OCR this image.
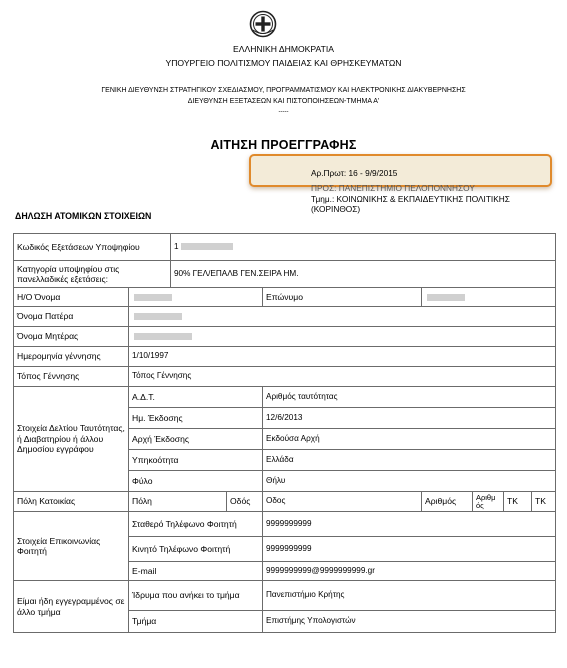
ΕΛΛΗΝΙΚΗ ΔΗΜΟΚΡΑΤΙΑ
ΥΠΟΥΡΓΕΙΟ ΠΟΛΙΤΙΣΜΟΥ ΠΑΙΔΕΙΑΣ ΚΑΙ ΘΡΗΣΚΕΥΜΑΤΩΝ
ΓΕΝΙΚΗ ΔΙΕΥΘΥΝΣΗ ΣΤΡΑΤΗΓΙΚΟΥ ΣΧΕΔΙΑΣΜΟΥ, ΠΡΟΓΡΑΜΜΑΤΙΣΜΟΥ ΚΑΙ ΗΛΕΚΤΡΟΝΙΚΗΣ ΔΙΑΚΥΒΕΡΝΗΣΗΣ
ΔΙΕΥΘΥΝΣΗ ΕΞΕΤΑΣΕΩΝ ΚΑΙ ΠΙΣΤΟΠΟΙΗΣΕΩΝ-ΤΜΗΜΑ Α'
-----
ΑΙΤΗΣΗ ΠΡΟΕΓΓΡΑΦΗΣ
Αρ.Πρωτ: 16 - 9/9/2015
ΠΡΟΣ: ΠΑΝΕΠΙΣΤΗΜΙΟ ΠΕΛΟΠΟΝΝΗΣΟΥ
Τμημ.: ΚΟΙΝΩΝΙΚΗΣ & ΕΚΠΑΙΔΕΥΤΙΚΗΣ ΠΟΛΙΤΙΚΗΣ
(ΚΟΡΙΝΘΟΣ)
ΔΗΛΩΣΗ ΑΤΟΜΙΚΩΝ ΣΤΟΙΧΕΙΩΝ
Κωδικός Εξετάσεων Υποψηφίου		1						
Κατηγορία υποψηφίου στις πανελλαδικές εξετάσεις:		90% ΓΕΛ/ΕΠΑΛΒ ΓΕΝ.ΣΕΙΡΑ ΗΜ.						
Η/Ο Όνομα				Επώνυμο				
Όνομα Πατέρα								
Όνομα Μητέρας								
Ημερομηνία γέννησης	1/10/1997							
Τόπος Γέννησης	Τόπος Γέννησης							
Στοιχεία Δελτίου Ταυτότητας, ή Διαβατηρίου ή άλλου Δημοσίου εγγράφου	Α.Δ.Τ.			Αριθμός ταυτότητας				
	Ημ. Έκδοσης			12/6/2013				
	Αρχή Έκδοσης			Εκδούσα Αρχή				
	Υπηκοότητα			Ελλάδα				
	Φύλο			Θήλυ				
Πόλη Κατοικίας	Πόλη		Οδός	Οδος	Αριθμός	Αριθμ ός	ΤΚ	ΤΚ
Στοιχεία Επικοινωνίας Φοιτητή	Σταθερό Τηλέφωνο Φοιτητή			9999999999				
	Κινητό Τηλέφωνο Φοιτητή			9999999999				
	E-mail			9999999999@9999999999.gr				
Είμαι ήδη εγγεγραμμένος σε άλλο τμήμα	Ίδρυμα που ανήκει το τμήμα			Πανεπιστήμιο Κρήτης				
	Τμήμα			Επιστήμης Υπολογιστών				
